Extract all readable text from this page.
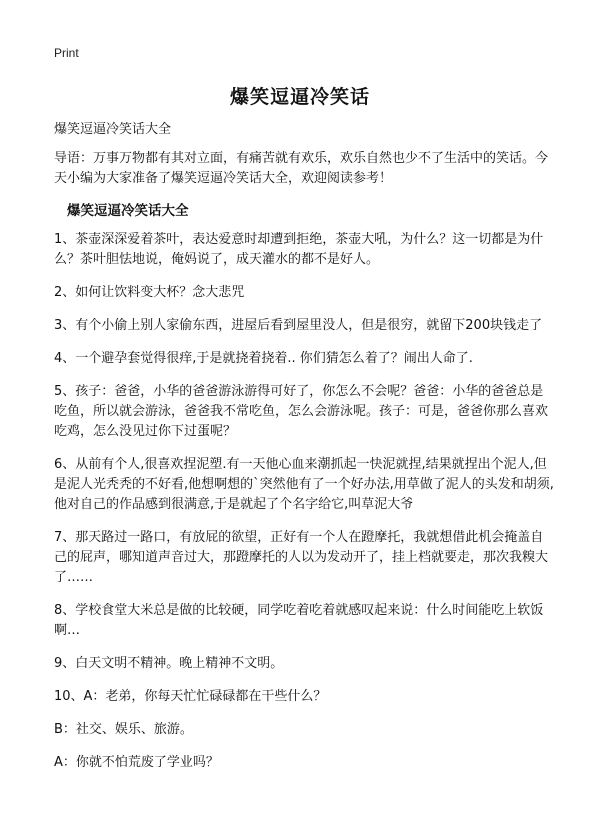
Print
爆笑逗逼冷笑话
爆笑逗逼冷笑话大全
导语：万事万物都有其对立面，有痛苦就有欢乐，欢乐自然也少不了生活中的笑话。今天小编为大家准备了爆笑逗逼冷笑话大全，欢迎阅读参考！
爆笑逗逼冷笑话大全

1、茶壶深深爱着茶叶，表达爱意时却遭到拒绝，茶壶大吼，为什么？这一切都是为什么？茶叶胆怯地说，俺妈说了，成天灌水的都不是好人。

2、如何让饮料变大杯？念大悲咒

3、有个小偷上别人家偷东西，进屋后看到屋里没人，但是很穷，就留下200块钱走了

4、一个避孕套觉得很痒,于是就挠着挠着.. 你们猜怎么着了？闹出人命了.

5、孩子：爸爸，小华的爸爸游泳游得可好了，你怎么不会呢？爸爸：小华的爸爸总是吃鱼，所以就会游泳，爸爸我不常吃鱼，怎么会游泳呢。孩子：可是，爸爸你那么喜欢吃鸡，怎么没见过你下过蛋呢？

6、从前有个人,很喜欢捏泥塑.有一天他心血来潮抓起一快泥就捏,结果就捏出个泥人,但是泥人光秃秃的不好看,他想啊想的`突然他有了一个好办法,用草做了泥人的头发和胡须,他对自己的作品感到很满意,于是就起了个名字给它,叫草泥大爷

7、那天路过一路口，有放屁的欲望，正好有一个人在蹬摩托，我就想借此机会掩盖自己的屁声，哪知道声音过大，那蹬摩托的人以为发动开了，挂上档就要走，那次我糗大了……

8、学校食堂大米总是做的比较硬，同学吃着吃着就感叹起来说：什么时间能吃上软饭啊…

9、白天文明不精神。晚上精神不文明。

10、A：老弟，你每天忙忙碌碌都在干些什么？

B：社交、娱乐、旅游。

A：你就不怕荒废了学业吗？
